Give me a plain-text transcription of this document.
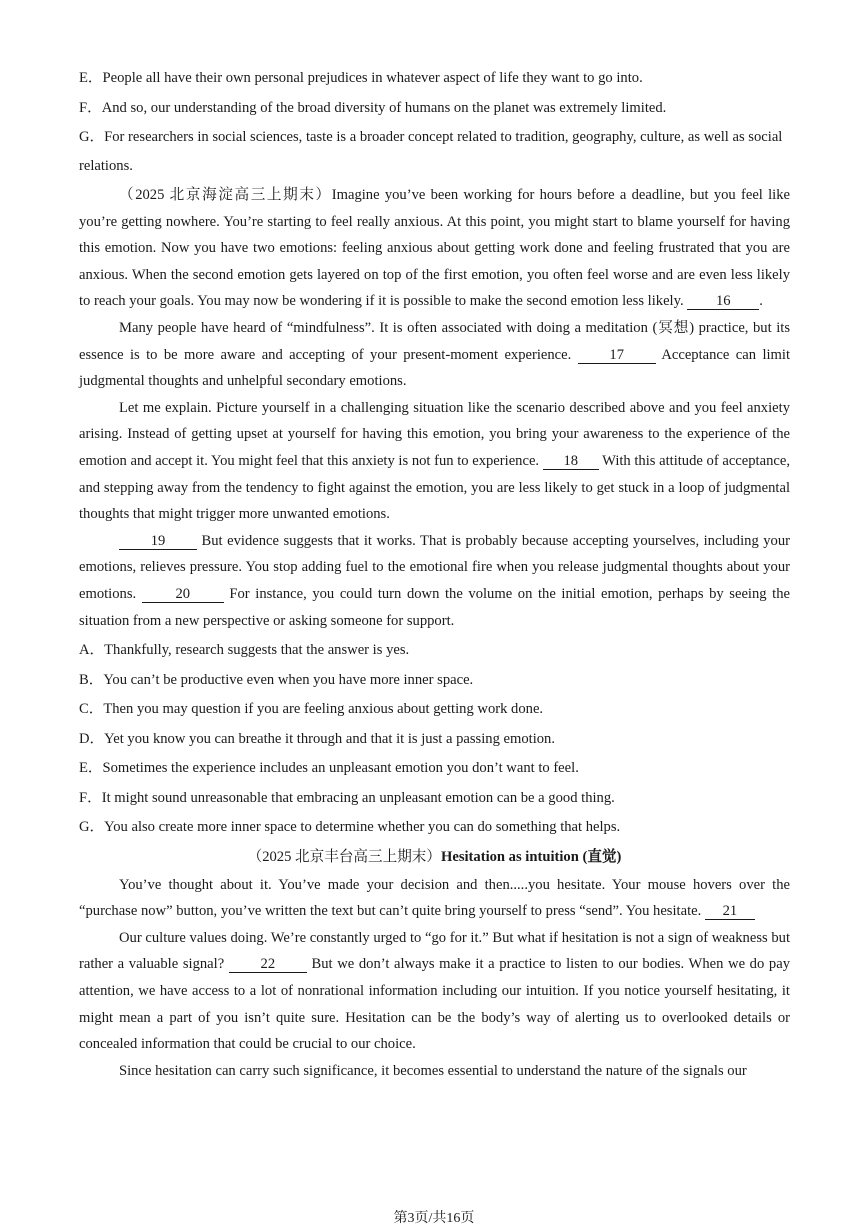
E．People all have their own personal prejudices in whatever aspect of life they want to go into.

F．And so, our understanding of the broad diversity of humans on the planet was extremely limited.

G．For researchers in social sciences, taste is a broader concept related to tradition, geography, culture, as well as social relations.

（2025 北京海淀高三上期末）Imagine you’ve been working for hours before a deadline, but you feel like you’re getting nowhere. You’re starting to feel really anxious. At this point, you might start to blame yourself for having this emotion. Now you have two emotions: feeling anxious about getting work done and feeling frustrated that you are anxious. When the second emotion gets layered on top of the first emotion, you often feel worse and are even less likely to reach your goals. You may now be wondering if it is possible to make the second emotion less likely. 16 .

Many people have heard of “mindfulness”. It is often associated with doing a meditation (冥想) practice, but its essence is to be more aware and accepting of your present-moment experience.	17	Acceptance can limit judgmental thoughts and unhelpful secondary emotions.

Let me explain. Picture yourself in a challenging situation like the scenario described above and you feel anxiety arising. Instead of getting upset at yourself for having this emotion, you bring your awareness to the experience of the emotion and accept it. You might feel that this anxiety is not fun to experience. 18 With this attitude of acceptance, and stepping away from the tendency to fight against the emotion, you are less likely to get stuck in a loop of judgmental thoughts that might trigger more unwanted emotions.

19 But evidence suggests that it works. That is probably because accepting yourselves, including your emotions, relieves pressure. You stop adding fuel to the emotional fire when you release judgmental thoughts about your emotions.	20	For instance, you could turn down the volume on the initial emotion, perhaps by seeing the situation from a new perspective or asking someone for support.

A．Thankfully, research suggests that the answer is yes.

B．You can’t be productive even when you have more inner space.

C．Then you may question if you are feeling anxious about getting work done.

D．Yet you know you can breathe it through and that it is just a passing emotion.

E．Sometimes the experience includes an unpleasant emotion you don’t want to feel.

F．It might sound unreasonable that embracing an unpleasant emotion can be a good thing.

G．You also create more inner space to determine whether you can do something that helps.

（2025 北京丰台高三上期末）Hesitation as intuition (直觉)

You’ve thought about it. You’ve made your decision and then.....you hesitate. Your mouse hovers over the “purchase now” button, you’ve written the text but can’t quite bring yourself to press “send”. You hesitate. 21

Our culture values doing. We’re constantly urged to “go for it.” But what if hesitation is not a sign of weakness but rather a valuable signal? 22 But we don’t always make it a practice to listen to our bodies. When we do pay attention, we have access to a lot of nonrational information including our intuition. If you notice yourself hesitating, it might mean a part of you isn’t quite sure. Hesitation can be the body’s way of alerting us to overlooked details or concealed information that could be crucial to our choice.

Since hesitation can carry such significance, it becomes essential to understand the nature of the signals our

第3页/共16页
